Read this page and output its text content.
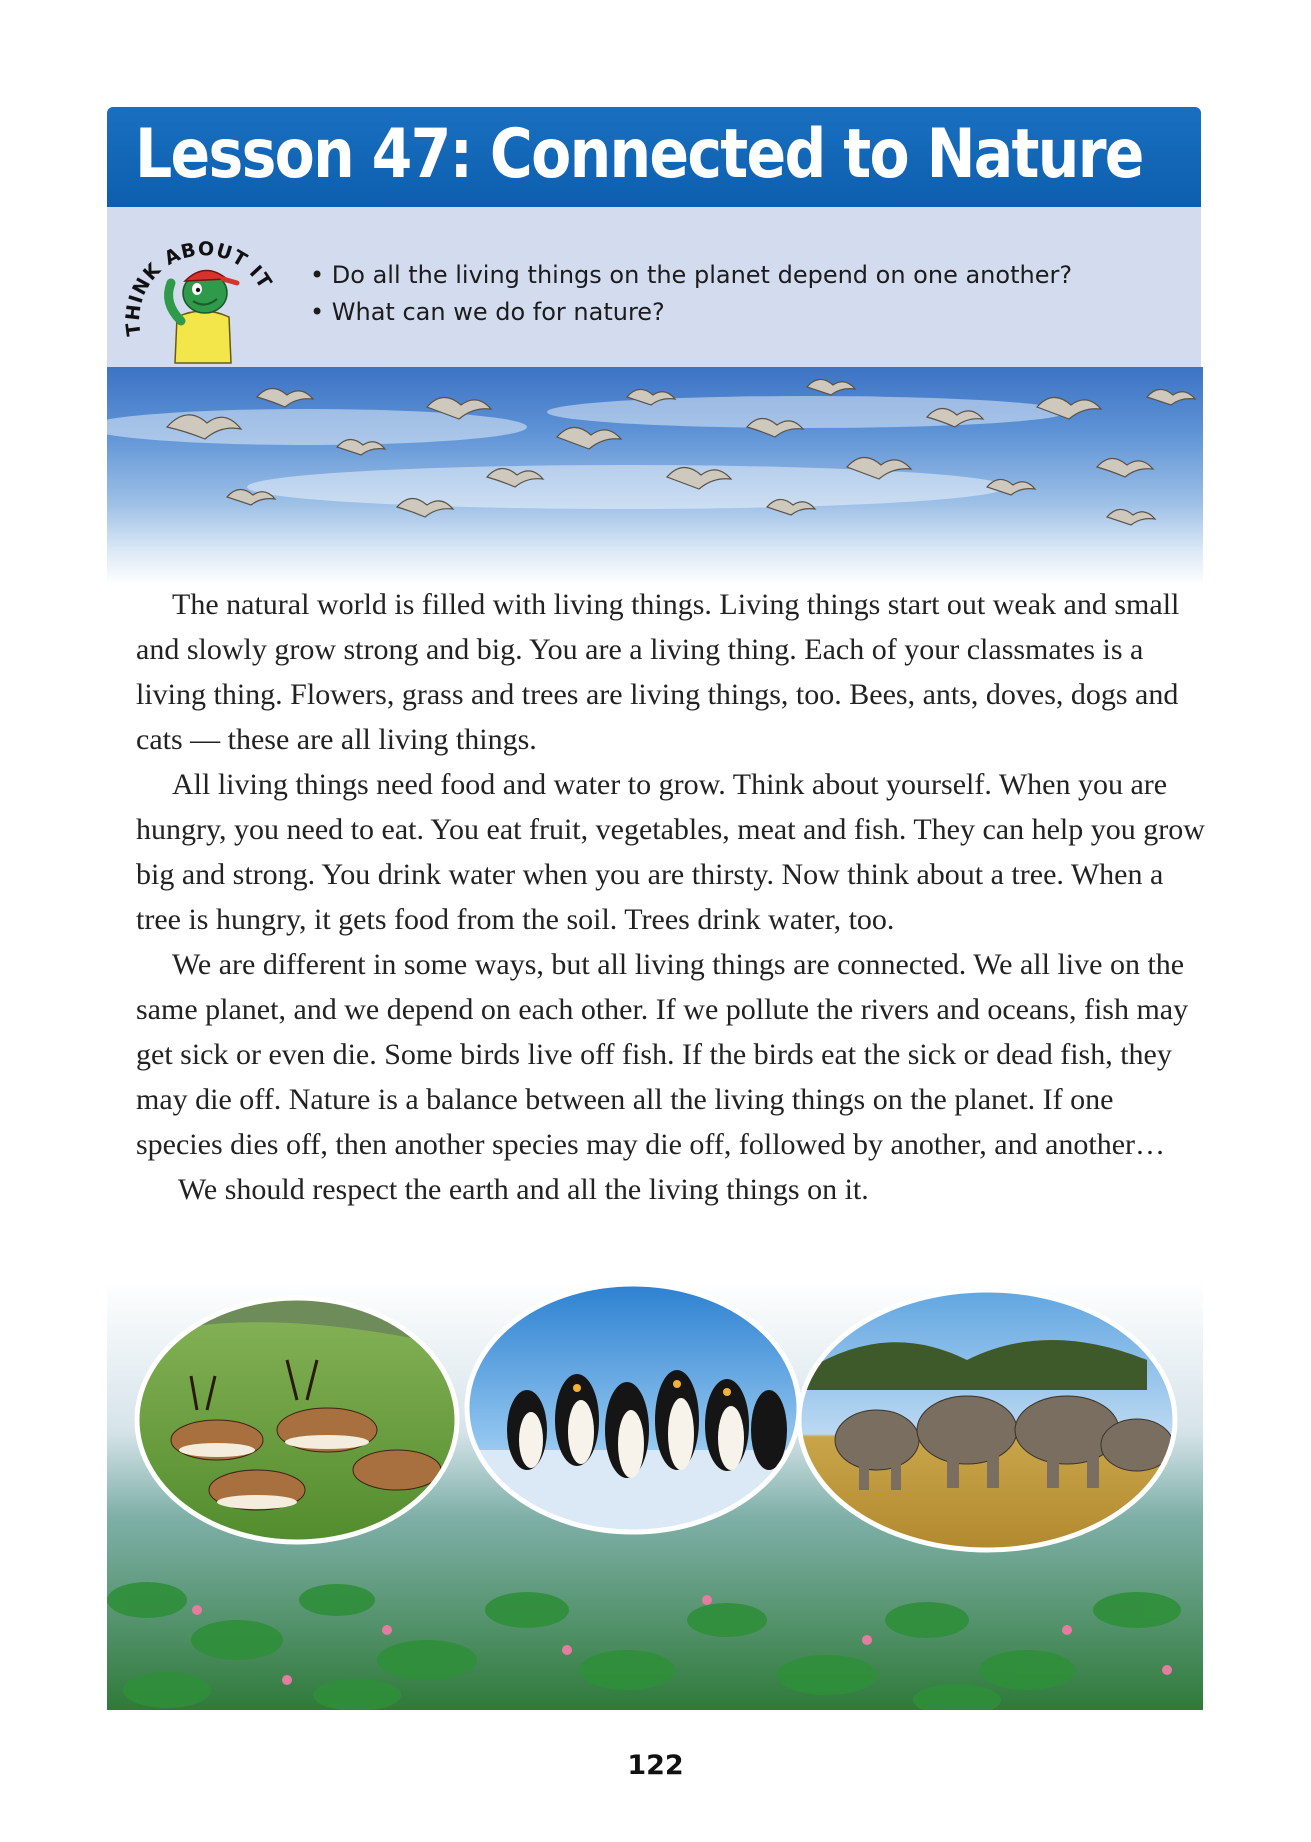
Lesson 47: Connected to Nature
THINK ABOUT IT • Do all the living things on the planet depend on one another?
• What can we do for nature?

The natural world is filled with living things. Living things start out weak and small and slowly grow strong and big. You are a living thing. Each of your classmates is a living thing. Flowers, grass and trees are living things, too. Bees, ants, doves, dogs and cats — these are all living things.

All living things need food and water to grow. Think about yourself. When you are hungry, you need to eat. You eat fruit, vegetables, meat and fish. They can help you grow big and strong. You drink water when you are thirsty. Now think about a tree. When a tree is hungry, it gets food from the soil. Trees drink water, too.

We are different in some ways, but all living things are connected. We all live on the same planet, and we depend on each other. If we pollute the rivers and oceans, fish may get sick or even die. Some birds live off fish. If the birds eat the sick or dead fish, they may die off. Nature is a balance between all the living things on the planet. If one species dies off, then another species may die off, followed by another, and another…

We should respect the earth and all the living things on it.

122
